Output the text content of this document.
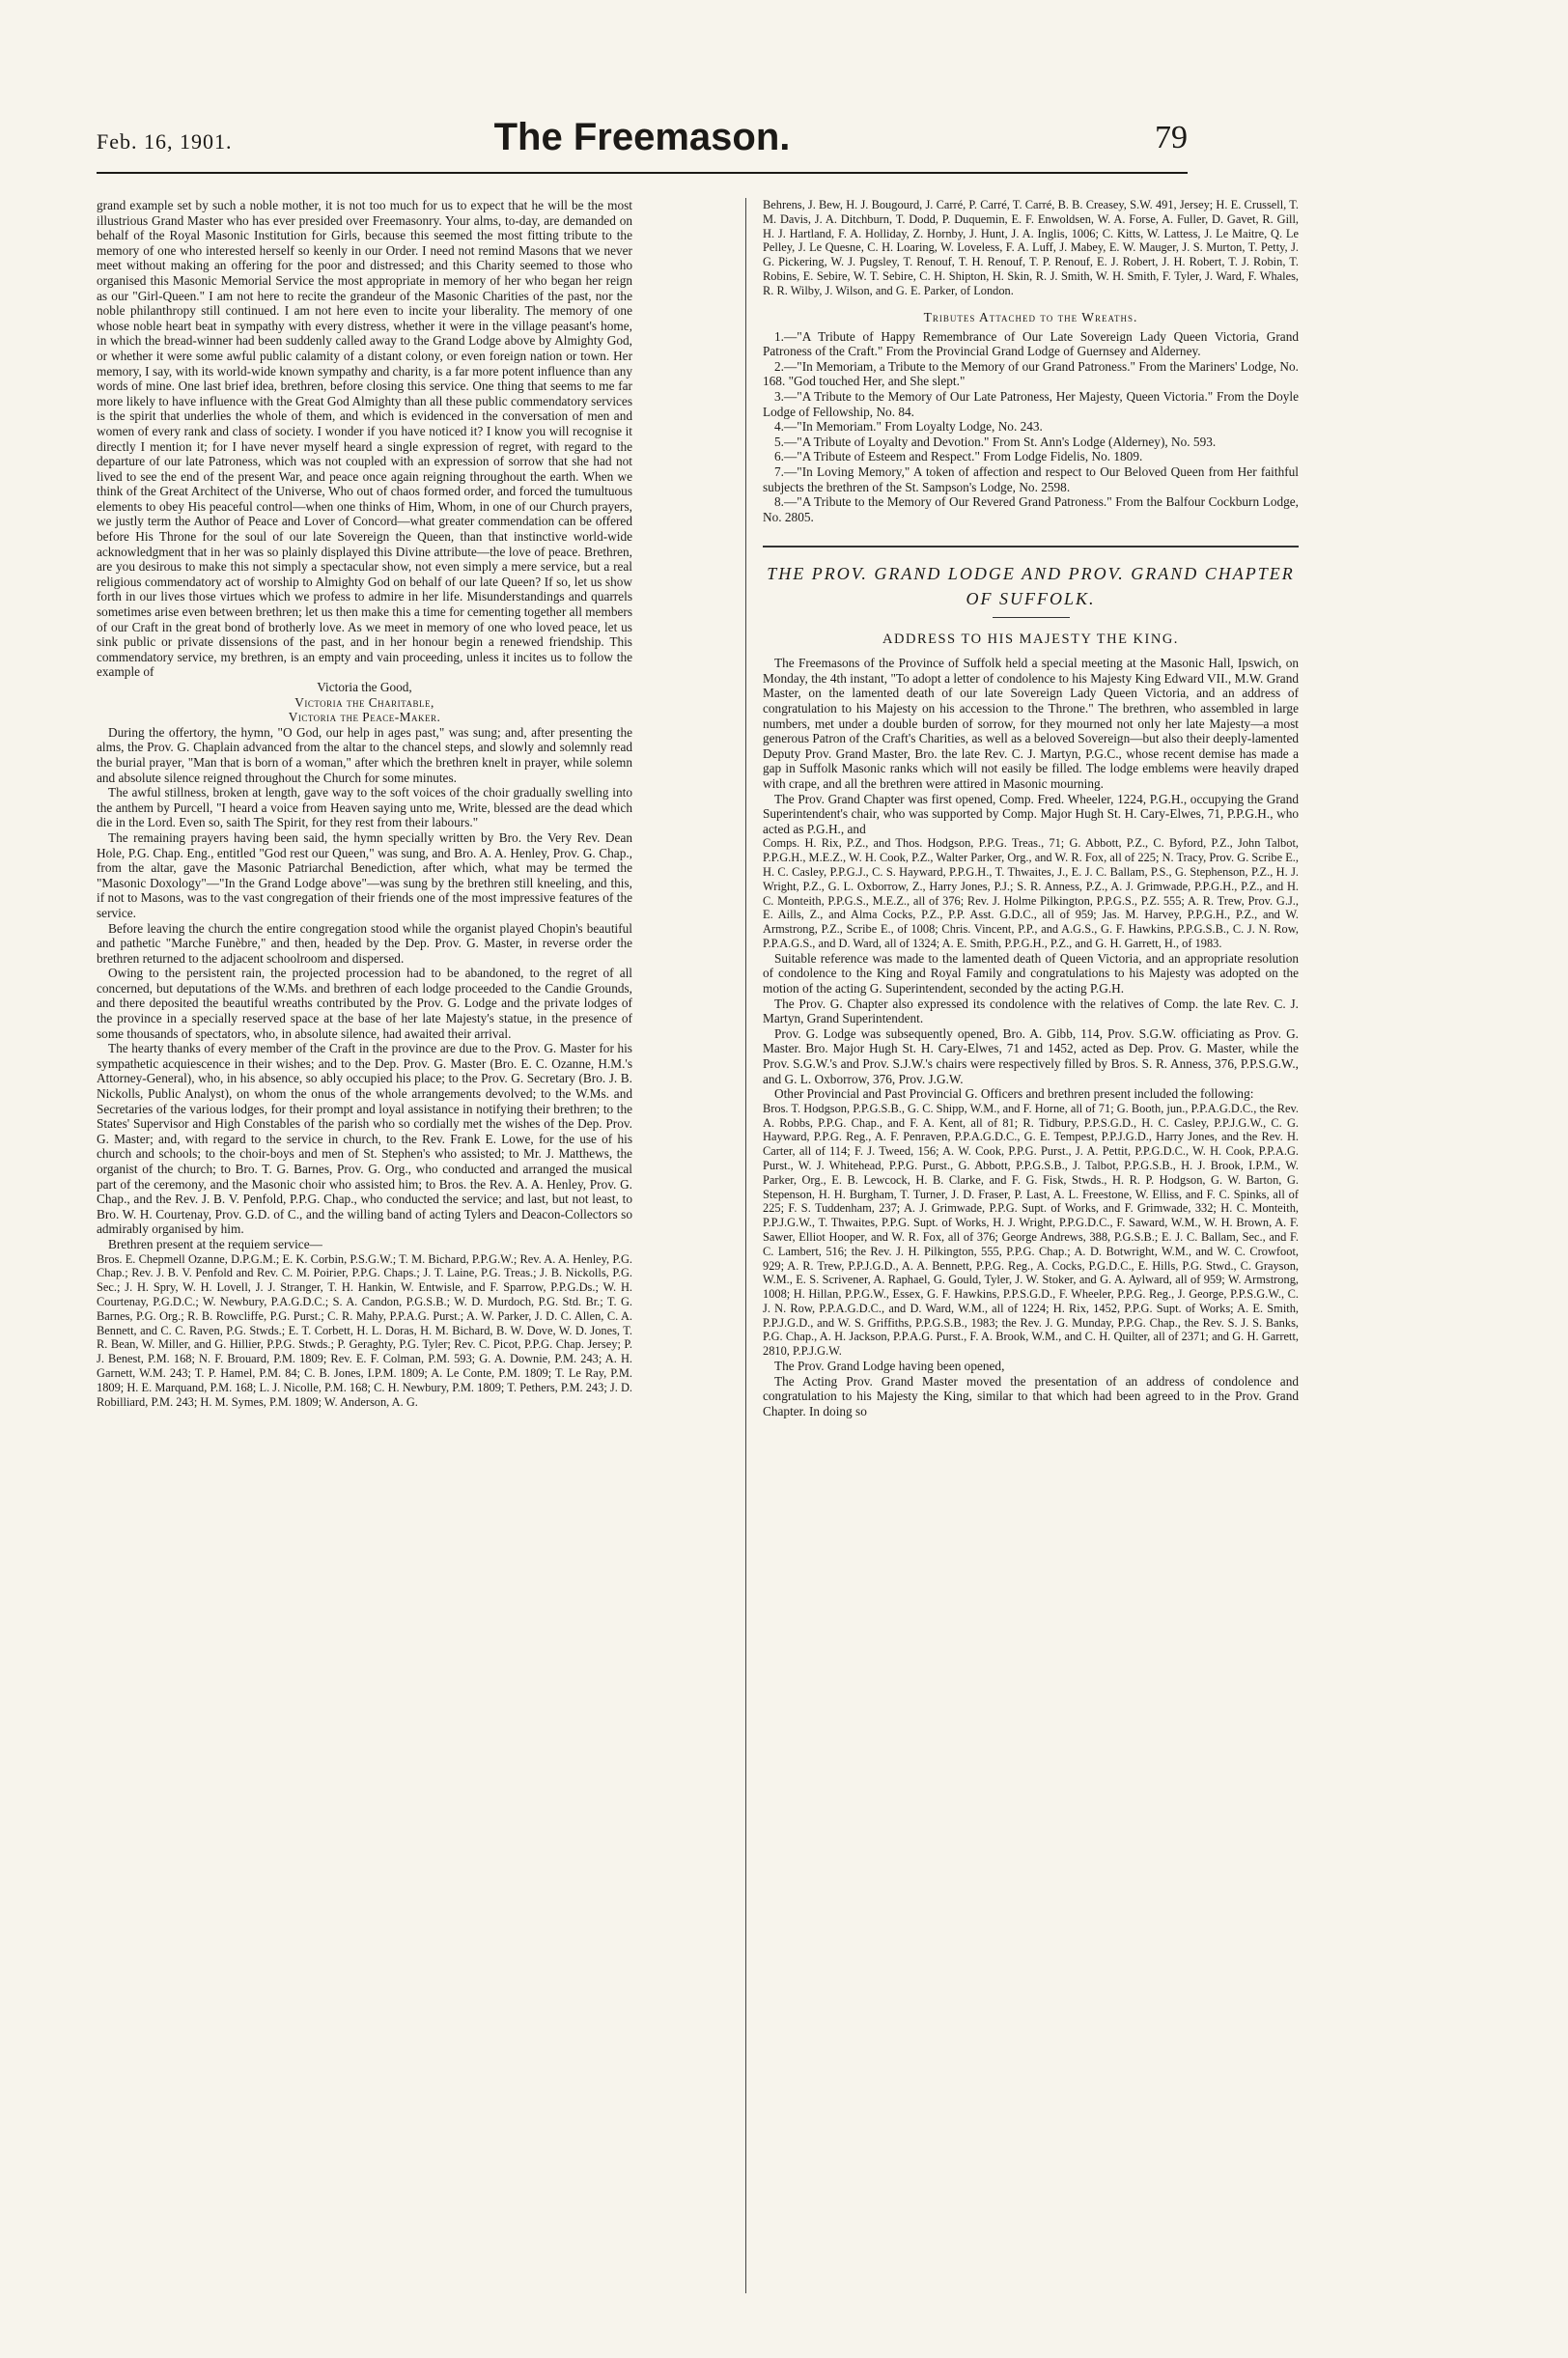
Feb. 16, 1901.	The Freemason.	79

grand example set by such a noble mother, it is not too much for us to expect that he will be the most illustrious Grand Master who has ever presided over Freemasonry. Your alms, to-day, are demanded on behalf of the Royal Masonic Institution for Girls, because this seemed the most fitting tribute to the memory of one who interested herself so keenly in our Order. I need not remind Masons that we never meet without making an offering for the poor and distressed; and this Charity seemed to those who organised this Masonic Memorial Service the most appropriate in memory of her who began her reign as our "Girl-Queen." I am not here to recite the grandeur of the Masonic Charities of the past, nor the noble philanthropy still continued. I am not here even to incite your liberality. The memory of one whose noble heart beat in sympathy with every distress, whether it were in the village peasant's home, in which the bread-winner had been suddenly called away to the Grand Lodge above by Almighty God, or whether it were some awful public calamity of a distant colony, or even foreign nation or town. Her memory, I say, with its world-wide known sympathy and charity, is a far more potent influence than any words of mine. One last brief idea, brethren, before closing this service. One thing that seems to me far more likely to have influence with the Great God Almighty than all these public commendatory services is the spirit that underlies the whole of them, and which is evidenced in the conversation of men and women of every rank and class of society. I wonder if you have noticed it? I know you will recognise it directly I mention it; for I have never myself heard a single expression of regret, with regard to the departure of our late Patroness, which was not coupled with an expression of sorrow that she had not lived to see the end of the present War, and peace once again reigning throughout the earth. When we think of the Great Architect of the Universe, Who out of chaos formed order, and forced the tumultuous elements to obey His peaceful control—when one thinks of Him, Whom, in one of our Church prayers, we justly term the Author of Peace and Lover of Concord—what greater commendation can be offered before His Throne for the soul of our late Sovereign the Queen, than that instinctive world-wide acknowledgment that in her was so plainly displayed this Divine attribute—the love of peace. Brethren, are you desirous to make this not simply a spectacular show, not even simply a mere service, but a real religious commendatory act of worship to Almighty God on behalf of our late Queen? If so, let us show forth in our lives those virtues which we profess to admire in her life. Misunderstandings and quarrels sometimes arise even between brethren; let us then make this a time for cementing together all members of our Craft in the great bond of brotherly love. As we meet in memory of one who loved peace, let us sink public or private dissensions of the past, and in her honour begin a renewed friendship. This commendatory service, my brethren, is an empty and vain proceeding, unless it incites us to follow the example of

Victoria the Good,
Victoria the Charitable,
Victoria the Peace-Maker.

During the offertory, the hymn, "O God, our help in ages past," was sung; and, after presenting the alms, the Prov. G. Chaplain advanced from the altar to the chancel steps, and slowly and solemnly read the burial prayer, "Man that is born of a woman," after which the brethren knelt in prayer, while solemn and absolute silence reigned throughout the Church for some minutes.

The awful stillness, broken at length, gave way to the soft voices of the choir gradually swelling into the anthem by Purcell, "I heard a voice from Heaven saying unto me, Write, blessed are the dead which die in the Lord. Even so, saith The Spirit, for they rest from their labours."

The remaining prayers having been said, the hymn specially written by Bro. the Very Rev. Dean Hole, P.G. Chap. Eng., entitled "God rest our Queen," was sung, and Bro. A. A. Henley, Prov. G. Chap., from the altar, gave the Masonic Patriarchal Benediction, after which, what may be termed the "Masonic Doxology"—"In the Grand Lodge above"—was sung by the brethren still kneeling, and this, if not to Masons, was to the vast congregation of their friends one of the most impressive features of the service.

Before leaving the church the entire congregation stood while the organist played Chopin's beautiful and pathetic "Marche Funèbre," and then, headed by the Dep. Prov. G. Master, in reverse order the brethren returned to the adjacent schoolroom and dispersed.

Owing to the persistent rain, the projected procession had to be abandoned, to the regret of all concerned, but deputations of the W.Ms. and brethren of each lodge proceeded to the Candie Grounds, and there deposited the beautiful wreaths contributed by the Prov. G. Lodge and the private lodges of the province in a specially reserved space at the base of her late Majesty's statue, in the presence of some thousands of spectators, who, in absolute silence, had awaited their arrival.

The hearty thanks of every member of the Craft in the province are due to the Prov. G. Master for his sympathetic acquiescence in their wishes; and to the Dep. Prov. G. Master (Bro. E. C. Ozanne, H.M.'s Attorney-General), who, in his absence, so ably occupied his place; to the Prov. G. Secretary (Bro. J. B. Nickolls, Public Analyst), on whom the onus of the whole arrangements devolved; to the W.Ms. and Secretaries of the various lodges, for their prompt and loyal assistance in notifying their brethren; to the States' Supervisor and High Constables of the parish who so cordially met the wishes of the Dep. Prov. G. Master; and, with regard to the service in church, to the Rev. Frank E. Lowe, for the use of his church and schools; to the choir-boys and men of St. Stephen's who assisted; to Mr. J. Matthews, the organist of the church; to Bro. T. G. Barnes, Prov. G. Org., who conducted and arranged the musical part of the ceremony, and the Masonic choir who assisted him; to Bros. the Rev. A. A. Henley, Prov. G. Chap., and the Rev. J. B. V. Penfold, P.P.G. Chap., who conducted the service; and last, but not least, to Bro. W. H. Courtenay, Prov. G.D. of C., and the willing band of acting Tylers and Deacon-Collectors so admirably organised by him.

Brethren present at the requiem service—

Bros. E. Chepmell Ozanne, D.P.G.M.; E. K. Corbin, P.S.G.W.; T. M. Bichard, P.P.G.W.; Rev. A. A. Henley, P.G. Chap.; Rev. J. B. V. Penfold and Rev. C. M. Poirier, P.P.G. Chaps.; J. T. Laine, P.G. Treas.; J. B. Nickolls, P.G. Sec.; J. H. Spry, W. H. Lovell, J. J. Stranger, T. H. Hankin, W. Entwisle, and F. Sparrow, P.P.G.Ds.; W. H. Courtenay, P.G.D.C.; W. Newbury, P.A.G.D.C.; S. A. Candon, P.G.S.B.; W. D. Murdoch, P.G. Std. Br.; T. G. Barnes, P.G. Org.; R. B. Rowcliffe, P.G. Purst.; C. R. Mahy, P.P.A.G. Purst.; A. W. Parker, J. D. C. Allen, C. A. Bennett, and C. C. Raven, P.G. Stwds.; E. T. Corbett, H. L. Doras, H. M. Bichard, B. W. Dove, W. D. Jones, T. R. Bean, W. Miller, and G. Hillier, P.P.G. Stwds.; P. Geraghty, P.G. Tyler; Rev. C. Picot, P.P.G. Chap. Jersey; P. J. Benest, P.M. 168; N. F. Brouard, P.M. 1809; Rev. E. F. Colman, P.M. 593; G. A. Downie, P.M. 243; A. H. Garnett, W.M. 243; T. P. Hamel, P.M. 84; C. B. Jones, I.P.M. 1809; A. Le Conte, P.M. 1809; T. Le Ray, P.M. 1809; H. E. Marquand, P.M. 168; L. J. Nicolle, P.M. 168; C. H. Newbury, P.M. 1809; T. Pethers, P.M. 243; J. D. Robilliard, P.M. 243; H. M. Symes, P.M. 1809; W. Anderson, A. G.

Behrens, J. Bew, H. J. Bougourd, J. Carré, P. Carré, T. Carré, B. B. Creasey, S.W. 491, Jersey; H. E. Crussell, T. M. Davis, J. A. Ditchburn, T. Dodd, P. Duquemin, E. F. Enwoldsen, W. A. Forse, A. Fuller, D. Gavet, R. Gill, H. J. Hartland, F. A. Holliday, Z. Hornby, J. Hunt, J. A. Inglis, 1006; C. Kitts, W. Lattess, J. Le Maitre, Q. Le Pelley, J. Le Quesne, C. H. Loaring, W. Loveless, F. A. Luff, J. Mabey, E. W. Mauger, J. S. Murton, T. Petty, J. G. Pickering, W. J. Pugsley, T. Renouf, T. H. Renouf, T. P. Renouf, E. J. Robert, J. H. Robert, T. J. Robin, T. Robins, E. Sebire, W. T. Sebire, C. H. Shipton, H. Skin, R. J. Smith, W. H. Smith, F. Tyler, J. Ward, F. Whales, R. R. Wilby, J. Wilson, and G. E. Parker, of London.

Tributes Attached to the Wreaths.

1.—"A Tribute of Happy Remembrance of Our Late Sovereign Lady Queen Victoria, Grand Patroness of the Craft." From the Provincial Grand Lodge of Guernsey and Alderney.

2.—"In Memoriam, a Tribute to the Memory of our Grand Patroness." From the Mariners' Lodge, No. 168. "God touched Her, and She slept."

3.—"A Tribute to the Memory of Our Late Patroness, Her Majesty, Queen Victoria." From the Doyle Lodge of Fellowship, No. 84.

4.—"In Memoriam." From Loyalty Lodge, No. 243.

5.—"A Tribute of Loyalty and Devotion." From St. Ann's Lodge (Alderney), No. 593.

6.—"A Tribute of Esteem and Respect." From Lodge Fidelis, No. 1809.

7.—"In Loving Memory," A token of affection and respect to Our Beloved Queen from Her faithful subjects the brethren of the St. Sampson's Lodge, No. 2598.

8.—"A Tribute to the Memory of Our Revered Grand Patroness." From the Balfour Cockburn Lodge, No. 2805.

THE PROV. GRAND LODGE AND PROV. GRAND CHAPTER OF SUFFOLK.
ADDRESS TO HIS MAJESTY THE KING.

The Freemasons of the Province of Suffolk held a special meeting at the Masonic Hall, Ipswich, on Monday, the 4th instant, "To adopt a letter of condolence to his Majesty King Edward VII., M.W. Grand Master, on the lamented death of our late Sovereign Lady Queen Victoria, and an address of congratulation to his Majesty on his accession to the Throne." The brethren, who assembled in large numbers, met under a double burden of sorrow, for they mourned not only her late Majesty—a most generous Patron of the Craft's Charities, as well as a beloved Sovereign—but also their deeply-lamented Deputy Prov. Grand Master, Bro. the late Rev. C. J. Martyn, P.G.C., whose recent demise has made a gap in Suffolk Masonic ranks which will not easily be filled. The lodge emblems were heavily draped with crape, and all the brethren were attired in Masonic mourning.

The Prov. Grand Chapter was first opened, Comp. Fred. Wheeler, 1224, P.G.H., occupying the Grand Superintendent's chair, who was supported by Comp. Major Hugh St. H. Cary-Elwes, 71, P.P.G.H., who acted as P.G.H., and

Comps. H. Rix, P.Z., and Thos. Hodgson, P.P.G. Treas., 71; G. Abbott, P.Z., C. Byford, P.Z., John Talbot, P.P.G.H., M.E.Z., W. H. Cook, P.Z., Walter Parker, Org., and W. R. Fox, all of 225; N. Tracy, Prov. G. Scribe E., H. C. Casley, P.P.G.J., C. S. Hayward, P.P.G.H., T. Thwaites, J., E. J. C. Ballam, P.S., G. Stephenson, P.Z., H. J. Wright, P.Z., G. L. Oxborrow, Z., Harry Jones, P.J.; S. R. Anness, P.Z., A. J. Grimwade, P.P.G.H., P.Z., and H. C. Monteith, P.P.G.S., M.E.Z., all of 376; Rev. J. Holme Pilkington, P.P.G.S., P.Z. 555; A. R. Trew, Prov. G.J., E. Aills, Z., and Alma Cocks, P.Z., P.P. Asst. G.D.C., all of 959; Jas. M. Harvey, P.P.G.H., P.Z., and W. Armstrong, P.Z., Scribe E., of 1008; Chris. Vincent, P.P., and A.G.S., G. F. Hawkins, P.P.G.S.B., C. J. N. Row, P.P.A.G.S., and D. Ward, all of 1324; A. E. Smith, P.P.G.H., P.Z., and G. H. Garrett, H., of 1983.

Suitable reference was made to the lamented death of Queen Victoria, and an appropriate resolution of condolence to the King and Royal Family and congratulations to his Majesty was adopted on the motion of the acting G. Superintendent, seconded by the acting P.G.H.

The Prov. G. Chapter also expressed its condolence with the relatives of Comp. the late Rev. C. J. Martyn, Grand Superintendent.

Prov. G. Lodge was subsequently opened, Bro. A. Gibb, 114, Prov. S.G.W. officiating as Prov. G. Master. Bro. Major Hugh St. H. Cary-Elwes, 71 and 1452, acted as Dep. Prov. G. Master, while the Prov. S.G.W.'s and Prov. S.J.W.'s chairs were respectively filled by Bros. S. R. Anness, 376, P.P.S.G.W., and G. L. Oxborrow, 376, Prov. J.G.W.

Other Provincial and Past Provincial G. Officers and brethren present included the following:

Bros. T. Hodgson, P.P.G.S.B., G. C. Shipp, W.M., and F. Horne, all of 71; G. Booth, jun., P.P.A.G.D.C., the Rev. A. Robbs, P.P.G. Chap., and F. A. Kent, all of 81; R. Tidbury, P.P.S.G.D., H. C. Casley, P.P.J.G.W., C. G. Hayward, P.P.G. Reg., A. F. Penraven, P.P.A.G.D.C., G. E. Tempest, P.P.J.G.D., Harry Jones, and the Rev. H. Carter, all of 114; F. J. Tweed, 156; A. W. Cook, P.P.G. Purst., J. A. Pettit, P.P.G.D.C., W. H. Cook, P.P.A.G. Purst., W. J. Whitehead, P.P.G. Purst., G. Abbott, P.P.G.S.B., J. Talbot, P.P.G.S.B., H. J. Brook, I.P.M., W. Parker, Org., E. B. Lewcock, H. B. Clarke, and F. G. Fisk, Stwds., H. R. P. Hodgson, G. W. Barton, G. Stepenson, H. H. Burgham, T. Turner, J. D. Fraser, P. Last, A. L. Freestone, W. Elliss, and F. C. Spinks, all of 225; F. S. Tuddenham, 237; A. J. Grimwade, P.P.G. Supt. of Works, and F. Grimwade, 332; H. C. Monteith, P.P.J.G.W., T. Thwaites, P.P.G. Supt. of Works, H. J. Wright, P.P.G.D.C., F. Saward, W.M., W. H. Brown, A. F. Sawer, Elliot Hooper, and W. R. Fox, all of 376; George Andrews, 388, P.G.S.B.; E. J. C. Ballam, Sec., and F. C. Lambert, 516; the Rev. J. H. Pilkington, 555, P.P.G. Chap.; A. D. Botwright, W.M., and W. C. Crowfoot, 929; A. R. Trew, P.P.J.G.D., A. A. Bennett, P.P.G. Reg., A. Cocks, P.G.D.C., E. Hills, P.G. Stwd., C. Grayson, W.M., E. S. Scrivener, A. Raphael, G. Gould, Tyler, J. W. Stoker, and G. A. Aylward, all of 959; W. Armstrong, 1008; H. Hillan, P.P.G.W., Essex, G. F. Hawkins, P.P.S.G.D., F. Wheeler, P.P.G. Reg., J. George, P.P.S.G.W., C. J. N. Row, P.P.A.G.D.C., and D. Ward, W.M., all of 1224; H. Rix, 1452, P.P.G. Supt. of Works; A. E. Smith, P.P.J.G.D., and W. S. Griffiths, P.P.G.S.B., 1983; the Rev. J. G. Munday, P.P.G. Chap., the Rev. S. J. S. Banks, P.G. Chap., A. H. Jackson, P.P.A.G. Purst., F. A. Brook, W.M., and C. H. Quilter, all of 2371; and G. H. Garrett, 2810, P.P.J.G.W.

The Prov. Grand Lodge having been opened,

The Acting Prov. Grand Master moved the presentation of an address of condolence and congratulation to his Majesty the King, similar to that which had been agreed to in the Prov. Grand Chapter. In doing so
